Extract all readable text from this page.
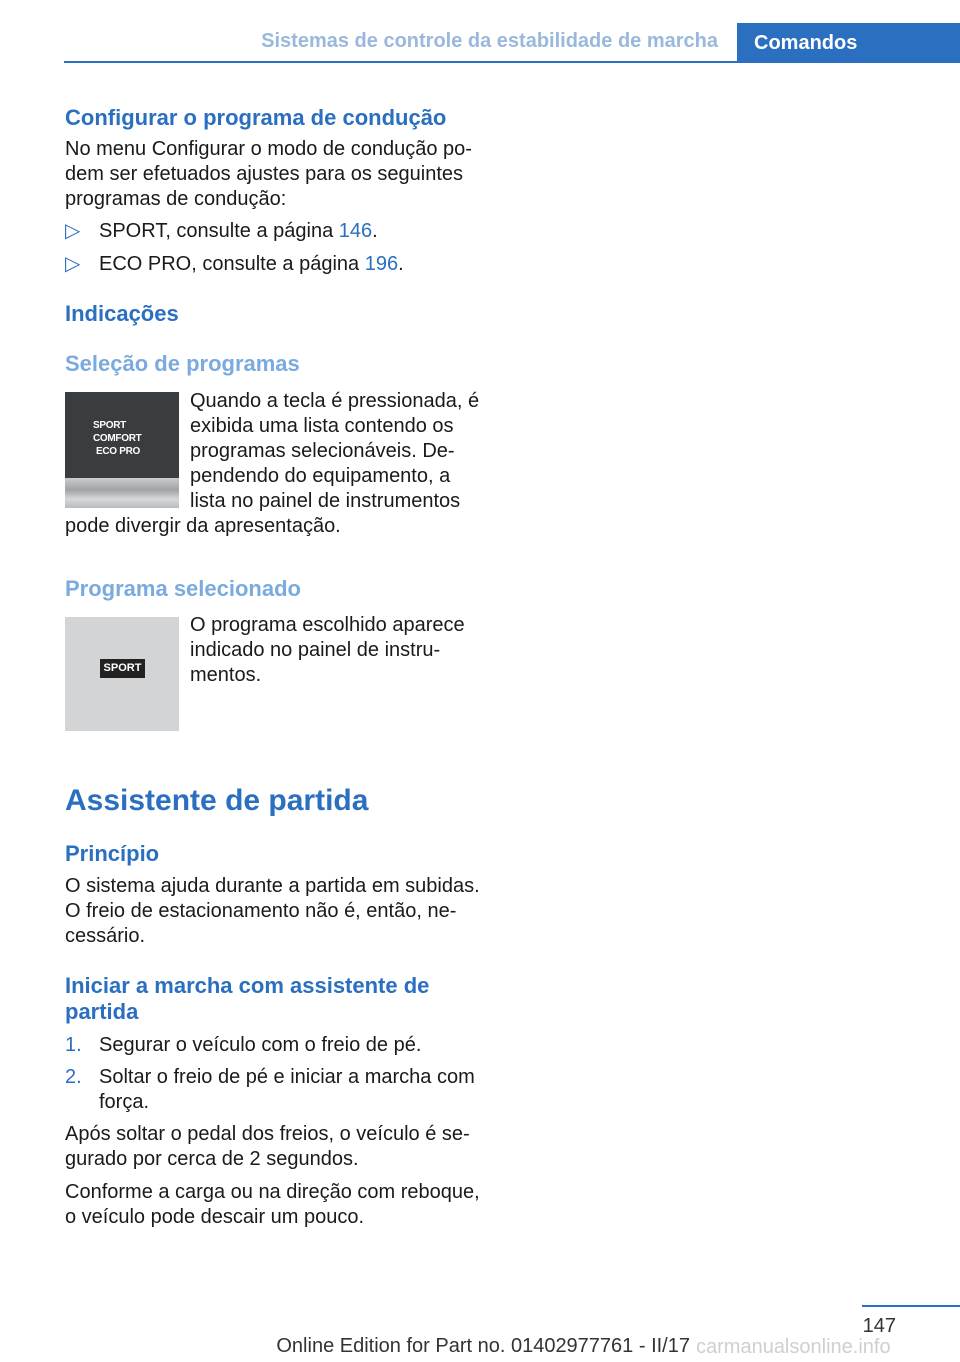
Sistemas de controle da estabilidade de marcha	Comandos
Configurar o programa de condução
No menu Configurar o modo de condução po-
dem ser efetuados ajustes para os seguintes
programas de condução:
▷ SPORT, consulte a página 146.
▷ ECO PRO, consulte a página 196.
Indicações
Seleção de programas
SPORT
COMFORT
ECO PRO
Quando a tecla é pressionada, é
exibida uma lista contendo os
programas selecionáveis. De-
pendendo do equipamento, a
lista no painel de instrumentos
pode divergir da apresentação.
Programa selecionado
SPORT
O programa escolhido aparece
indicado no painel de instru-
mentos.
Assistente de partida
Princípio
O sistema ajuda durante a partida em subidas.
O freio de estacionamento não é, então, ne-
cessário.
Iniciar a marcha com assistente de
partida
1. Segurar o veículo com o freio de pé.
2. Soltar o freio de pé e iniciar a marcha com
força.
Após soltar o pedal dos freios, o veículo é se-
gurado por cerca de 2 segundos.
Conforme a carga ou na direção com reboque,
o veículo pode descair um pouco.
147
Online Edition for Part no. 01402977761 - II/17 carmanualsonline.info
